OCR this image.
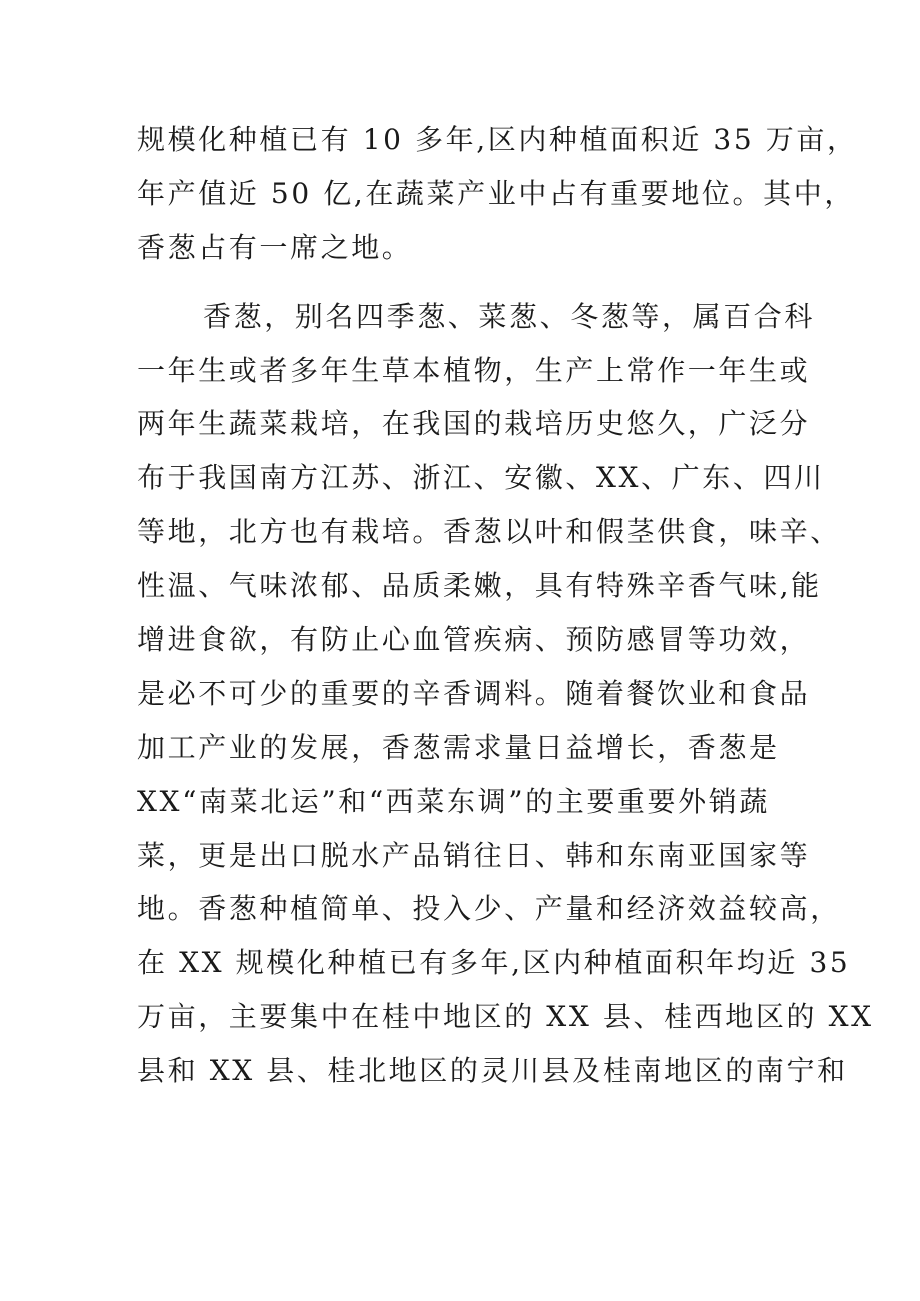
规模化种植已有 10 多年,区内种植面积近 35 万亩，
年产值近 50 亿,在蔬菜产业中占有重要地位。其中，
香葱占有一席之地。
香葱，别名四季葱、菜葱、冬葱等，属百合科
一年生或者多年生草本植物，生产上常作一年生或
两年生蔬菜栽培，在我国的栽培历史悠久，广泛分
布于我国南方江苏、浙江、安徽、XX、广东、四川
等地，北方也有栽培。香葱以叶和假茎供食，味辛、
性温、气味浓郁、品质柔嫩，具有特殊辛香气味,能
增进食欲，有防止心血管疾病、预防感冒等功效，
是必不可少的重要的辛香调料。随着餐饮业和食品
加工产业的发展，香葱需求量日益增长，香葱是
XX“南菜北运”和“西菜东调”的主要重要外销蔬
菜，更是出口脱水产品销往日、韩和东南亚国家等
地。香葱种植简单、投入少、产量和经济效益较高，
在 XX 规模化种植已有多年,区内种植面积年均近 35
万亩，主要集中在桂中地区的 XX 县、桂西地区的 XX
县和 XX 县、桂北地区的灵川县及桂南地区的南宁和
